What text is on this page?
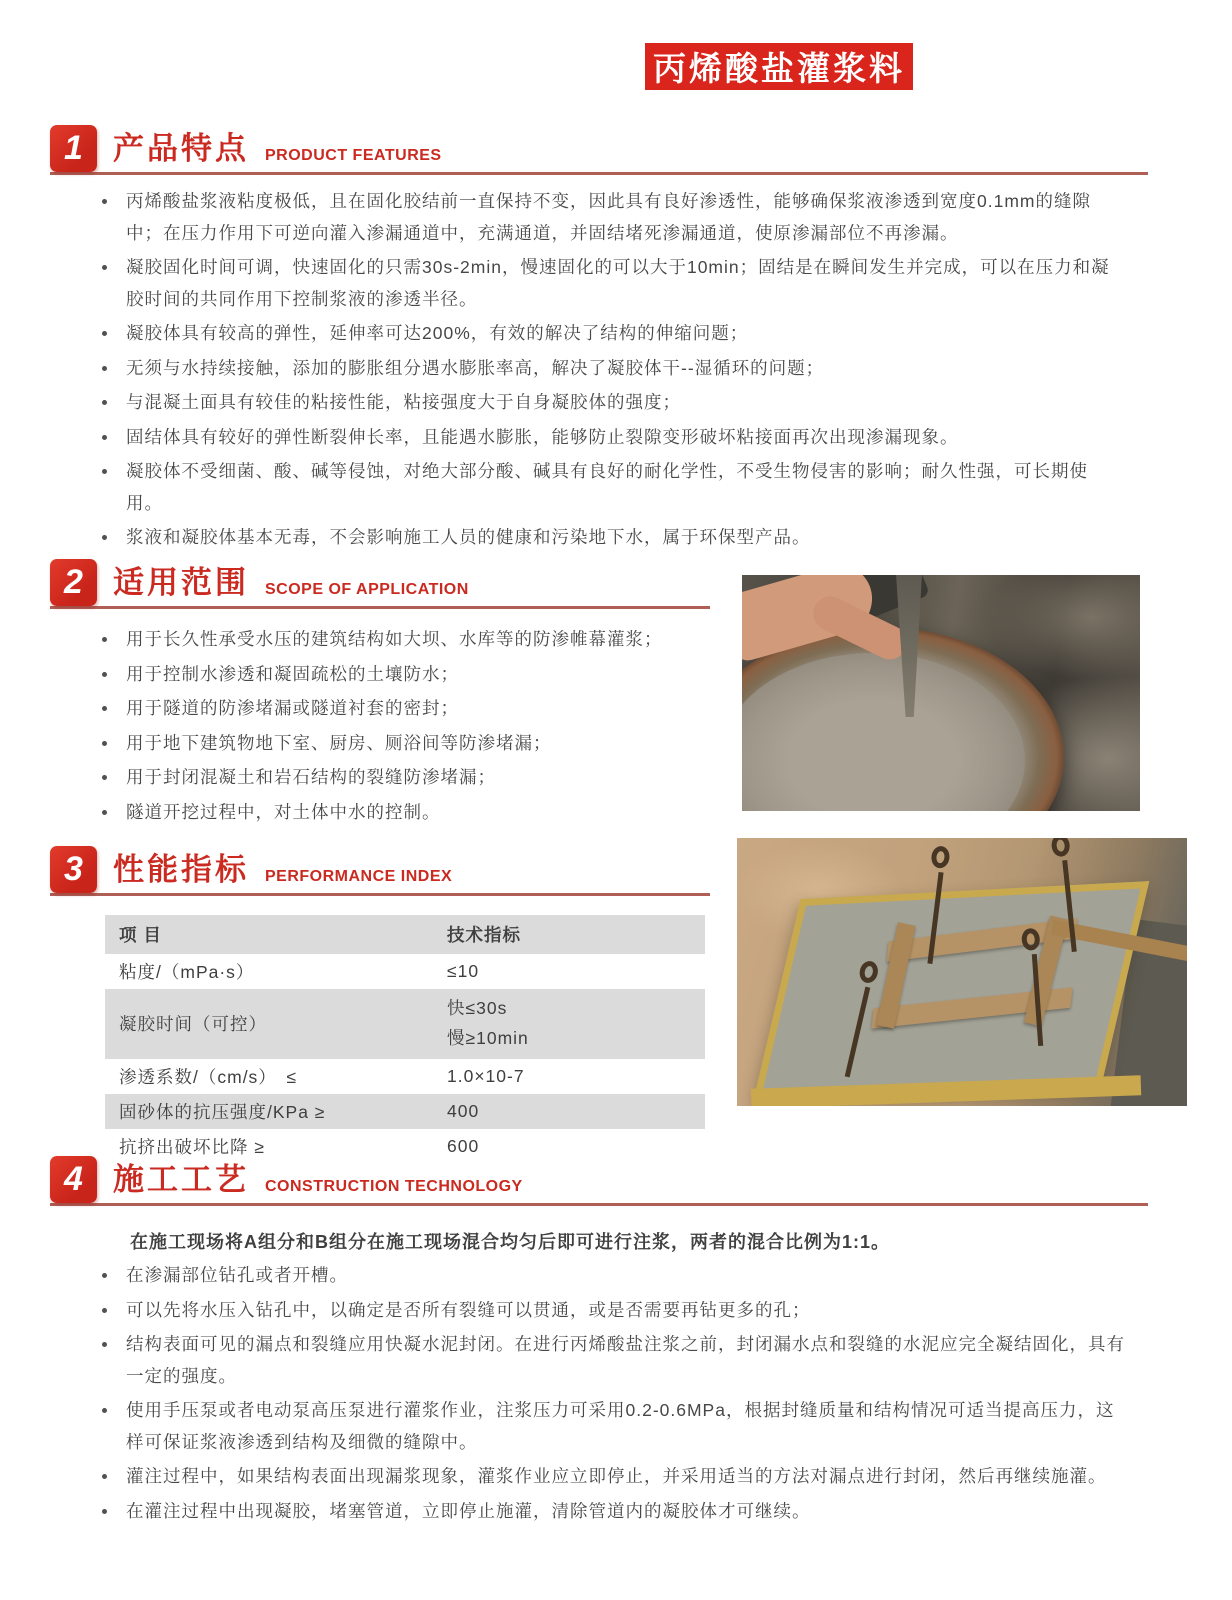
丙烯酸盐灌浆料
1 产品特点 PRODUCT FEATURES
丙烯酸盐浆液粘度极低，且在固化胶结前一直保持不变，因此具有良好渗透性，能够确保浆液渗透到宽度0.1mm的缝隙中；在压力作用下可逆向灌入渗漏通道中，充满通道，并固结堵死渗漏通道，使原渗漏部位不再渗漏。
凝胶固化时间可调，快速固化的只需30s-2min，慢速固化的可以大于10min；固结是在瞬间发生并完成，可以在压力和凝胶时间的共同作用下控制浆液的渗透半径。
凝胶体具有较高的弹性，延伸率可达200%，有效的解决了结构的伸缩问题；
无须与水持续接触，添加的膨胀组分遇水膨胀率高，解决了凝胶体干--湿循环的问题；
与混凝土面具有较佳的粘接性能，粘接强度大于自身凝胶体的强度；
固结体具有较好的弹性断裂伸长率，且能遇水膨胀，能够防止裂隙变形破坏粘接面再次出现渗漏现象。
凝胶体不受细菌、酸、碱等侵蚀，对绝大部分酸、碱具有良好的耐化学性，不受生物侵害的影响；耐久性强，可长期使用。
浆液和凝胶体基本无毒，不会影响施工人员的健康和污染地下水，属于环保型产品。
2 适用范围 SCOPE OF APPLICATION
用于长久性承受水压的建筑结构如大坝、水库等的防渗帷幕灌浆；
用于控制水渗透和凝固疏松的土壤防水；
用于隧道的防渗堵漏或隧道衬套的密封；
用于地下建筑物地下室、厨房、厕浴间等防渗堵漏；
用于封闭混凝土和岩石结构的裂缝防渗堵漏；
隧道开挖过程中，对土体中水的控制。
3 性能指标 PERFORMANCE INDEX
项 目	技术指标
粘度/（mPa·s）	≤10
凝胶时间（可控）	快≤30s
慢≥10min

渗透系数/（cm/s）　≤	1.0×10-7
固砂体的抗压强度/KPa ≥	400
抗挤出破坏比降 ≥	600
4 施工工艺 CONSTRUCTION TECHNOLOGY
在施工现场将A组分和B组分在施工现场混合均匀后即可进行注浆，两者的混合比例为1:1。
在渗漏部位钻孔或者开槽。
可以先将水压入钻孔中，以确定是否所有裂缝可以贯通，或是否需要再钻更多的孔；
结构表面可见的漏点和裂缝应用快凝水泥封闭。在进行丙烯酸盐注浆之前，封闭漏水点和裂缝的水泥应完全凝结固化，具有一定的强度。
使用手压泵或者电动泵高压泵进行灌浆作业，注浆压力可采用0.2-0.6MPa，根据封缝质量和结构情况可适当提高压力，这样可保证浆液渗透到结构及细微的缝隙中。
灌注过程中，如果结构表面出现漏浆现象，灌浆作业应立即停止，并采用适当的方法对漏点进行封闭，然后再继续施灌。
在灌注过程中出现凝胶，堵塞管道，立即停止施灌，清除管道内的凝胶体才可继续。
